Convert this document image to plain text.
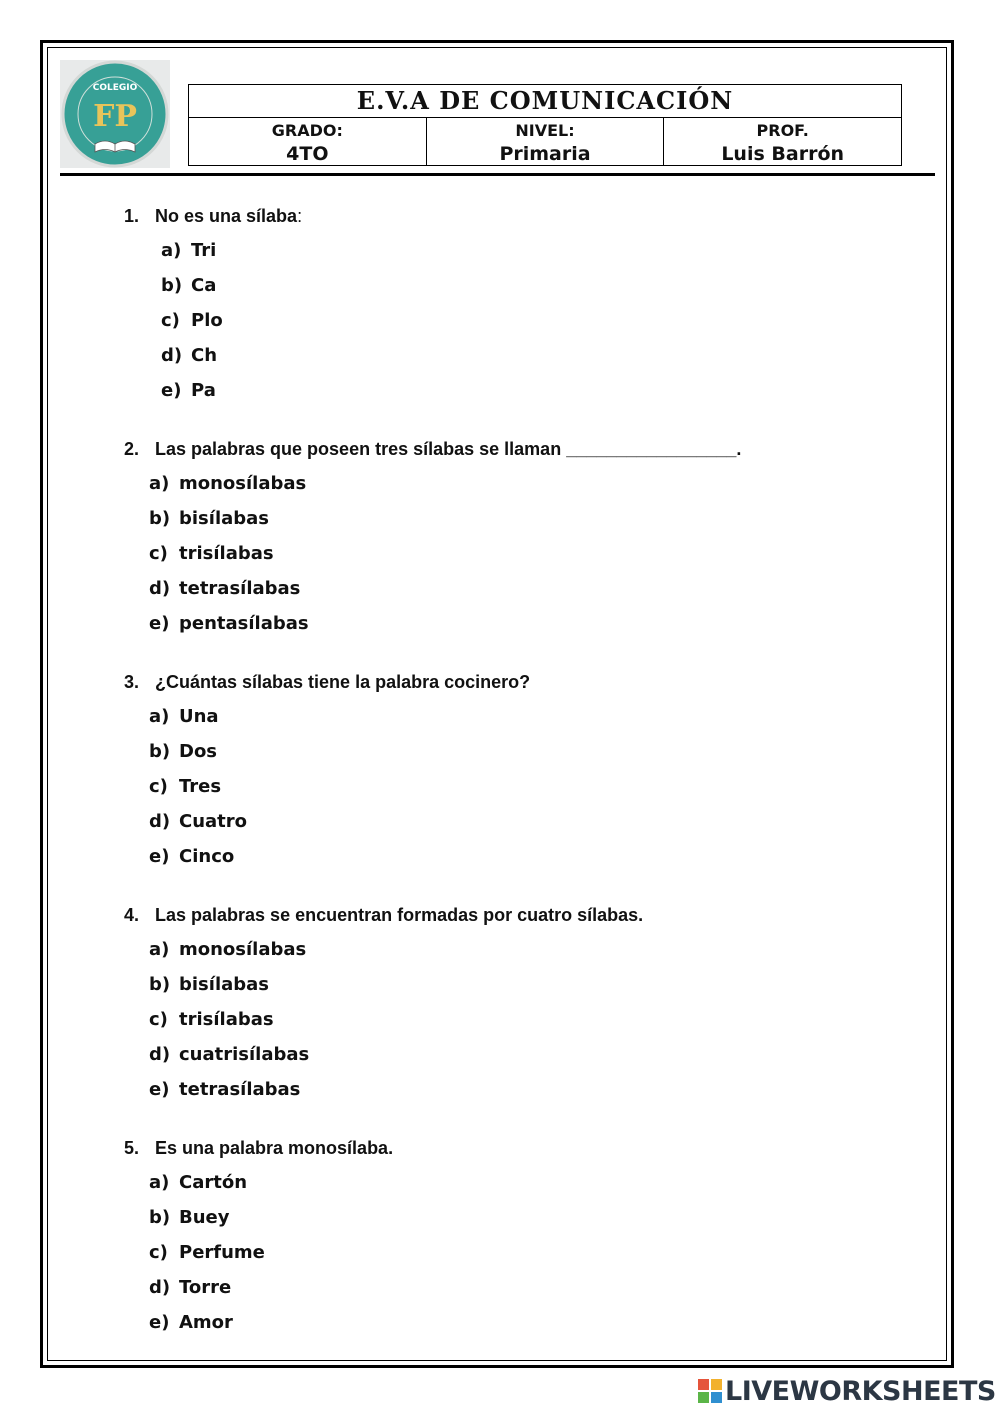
COLEGIO
FP	E.V.A DE COMUNICACIÓN
GRADO:
4TO
NIVEL:
Primaria
PROF.
Luis Barrón

1. No es una sílaba:

a) Tri
b) Ca
c) Plo
d) Ch
e) Pa

2. Las palabras que poseen tres sílabas se llaman _________________.

a) monosílabas
b) bisílabas
c) trisílabas
d) tetrasílabas
e) pentasílabas

3. ¿Cuántas sílabas tiene la palabra cocinero?

a) Una
b) Dos
c) Tres
d) Cuatro
e) Cinco

4. Las palabras se encuentran formadas por cuatro sílabas.

a) monosílabas
b) bisílabas
c) trisílabas
d) cuatrisílabas
e) tetrasílabas

5. Es una palabra monosílaba.

a) Cartón
b) Buey
c) Perfume
d) Torre
e) Amor
LIVEWORKSHEETS
